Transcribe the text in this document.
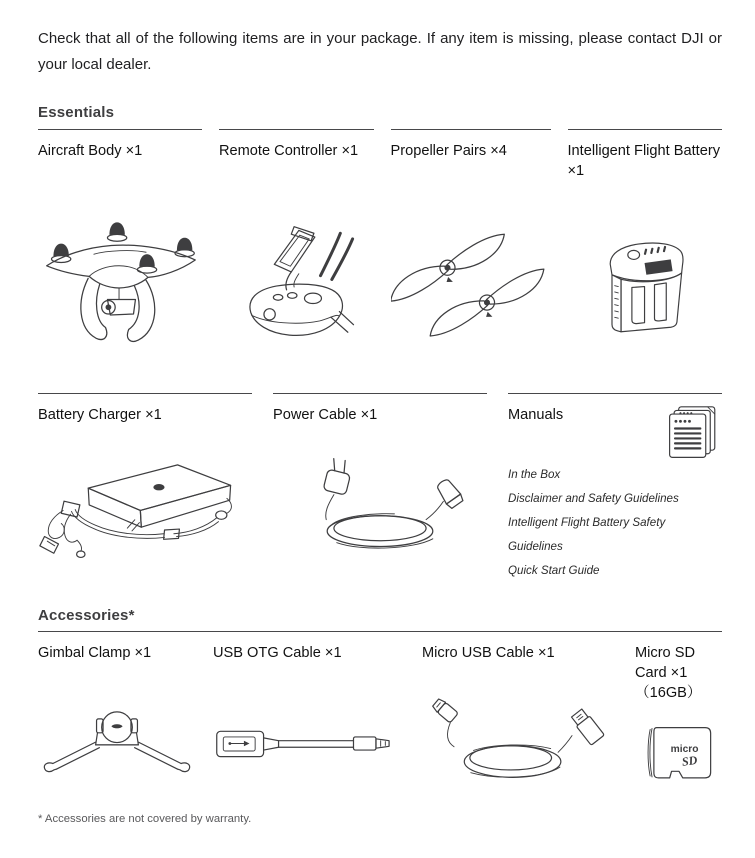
Check that all of the following items are in your package. If any item is missing, please contact DJI or your local dealer.

Essentials
Aircraft Body ×1	Remote Controller ×1	Propeller Pairs ×4	Intelligent Flight Battery ×1
Battery Charger ×1	Power Cable ×1	Manuals
In the Box
Disclaimer and Safety Guidelines
Intelligent Flight Battery Safety Guidelines
Quick Start Guide
Accessories*
Gimbal Clamp ×1	USB OTG Cable ×1	Micro USB Cable ×1	Micro SD Card ×1
（16GB）
micro
SD

* Accessories are not covered by warranty.
